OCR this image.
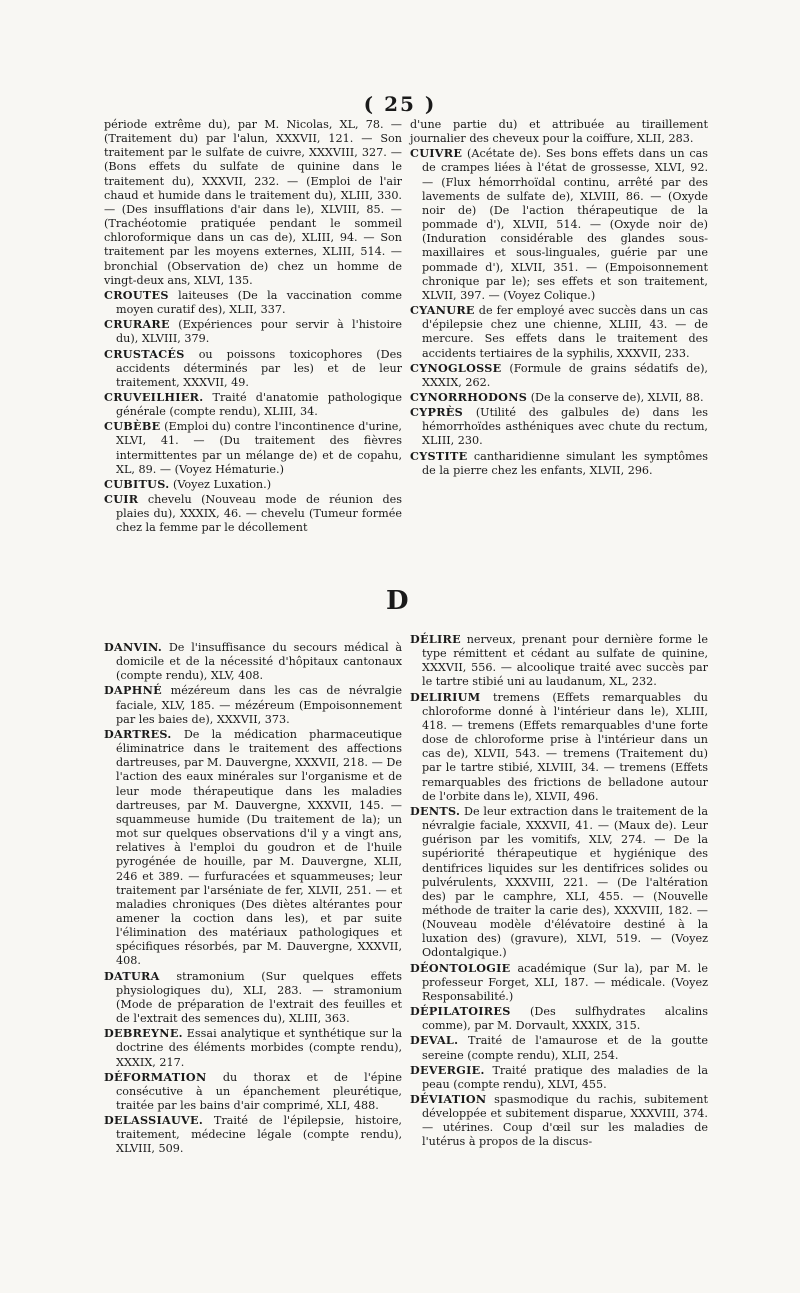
( 25 )
période extrême du), par M. Nicolas, XL, 78. — (Traitement du) par l'alun, XXXVII, 121. — Son traitement par le sulfate de cuivre, XXXVIII, 327. — (Bons effets du sulfate de quinine dans le traitement du), XXXVII, 232. — (Emploi de l'air chaud et humide dans le traitement du), XLIII, 330. — (Des insufflations d'air dans le), XLVIII, 85. — (Trachéotomie pratiquée pendant le sommeil chloroformique dans un cas de), XLIII, 94. — Son traitement par les moyens externes, XLIII, 514. — bronchial (Observation de) chez un homme de vingt-deux ans, XLVI, 135.
CROUTES laiteuses (De la vaccination comme moyen curatif des), XLII, 337.
CRURARE (Expériences pour servir à l'histoire du), XLVIII, 379.
CRUSTACÉS ou poissons toxicophores (Des accidents déterminés par les) et de leur traitement, XXXVII, 49.
CRUVEILHIER. Traité d'anatomie pathologique générale (compte rendu), XLIII, 34.
CUBÈBE (Emploi du) contre l'incontinence d'urine, XLVI, 41. — (Du traitement des fièvres intermittentes par un mélange de) et de copahu, XL, 89. — (Voyez Hématurie.)
CUBITUS. (Voyez Luxation.)
CUIR chevelu (Nouveau mode de réunion des plaies du), XXXIX, 46. — chevelu (Tumeur formée chez la femme par le décollement
d'une partie du) et attribuée au tiraillement journalier des cheveux pour la coiffure, XLII, 283.
CUIVRE (Acétate de). Ses bons effets dans un cas de crampes liées à l'état de grossesse, XLVI, 92. — (Flux hémorrhoïdal continu, arrêté par des lavements de sulfate de), XLVIII, 86. — (Oxyde noir de) (De l'action thérapeutique de la pommade d'), XLVII, 514. — (Oxyde noir de) (Induration considérable des glandes sous-maxillaires et sous-linguales, guérie par une pommade d'), XLVII, 351. — (Empoisonnement chronique par le); ses effets et son traitement, XLVII, 397. — (Voyez Colique.)
CYANURE de fer employé avec succès dans un cas d'épilepsie chez une chienne, XLIII, 43. — de mercure. Ses effets dans le traitement des accidents tertiaires de la syphilis, XXXVII, 233.
CYNOGLOSSE (Formule de grains sédatifs de), XXXIX, 262.
CYNORRHODONS (De la conserve de), XLVII, 88.
CYPRÈS (Utilité des galbules de) dans les hémorrhoïdes asthéniques avec chute du rectum, XLIII, 230.
CYSTITE cantharidienne simulant les symptômes de la pierre chez les enfants, XLVII, 296.
D
DANVIN. De l'insuffisance du secours médical à domicile et de la nécessité d'hôpitaux cantonaux (compte rendu), XLV, 408.
DAPHNÉ mézéreum dans les cas de névralgie faciale, XLV, 185. — mézéreum (Empoisonnement par les baies de), XXXVII, 373.
DARTRES. De la médication pharmaceutique éliminatrice dans le traitement des affections dartreuses, par M. Dauvergne, XXXVII, 218. — De l'action des eaux minérales sur l'organisme et de leur mode thérapeutique dans les maladies dartreuses, par M. Dauvergne, XXXVII, 145. — squammeuse humide (Du traitement de la); un mot sur quelques observations d'il y a vingt ans, relatives à l'emploi du goudron et de l'huile pyrogénée de houille, par M. Dauvergne, XLII, 246 et 389. — furfuracées et squammeuses; leur traitement par l'arséniate de fer, XLVII, 251. — et maladies chroniques (Des diètes altérantes pour amener la coction dans les), et par suite l'élimination des matériaux pathologiques et spécifiques résorbés, par M. Dauvergne, XXXVII, 408.
DATURA stramonium (Sur quelques effets physiologiques du), XLI, 283. — stramonium (Mode de préparation de l'extrait des feuilles et de l'extrait des semences du), XLIII, 363.
DEBREYNE. Essai analytique et synthétique sur la doctrine des éléments morbides (compte rendu), XXXIX, 217.
DÉFORMATION du thorax et de l'épine consécutive à un épanchement pleurétique, traitée par les bains d'air comprimé, XLI, 488.
DELASSIAUVE. Traité de l'épilepsie, histoire, traitement, médecine légale (compte rendu), XLVIII, 509.
DÉLIRE nerveux, prenant pour dernière forme le type rémittent et cédant au sulfate de quinine, XXXVII, 556. — alcoolique traité avec succès par le tartre stibié uni au laudanum, XL, 232.
DELIRIUM tremens (Effets remarquables du chloroforme donné à l'intérieur dans le), XLIII, 418. — tremens (Effets remarquables d'une forte dose de chloroforme prise à l'intérieur dans un cas de), XLVII, 543. — tremens (Traitement du) par le tartre stibié, XLVIII, 34. — tremens (Effets remarquables des frictions de belladone autour de l'orbite dans le), XLVII, 496.
DENTS. De leur extraction dans le traitement de la névralgie faciale, XXXVII, 41. — (Maux de). Leur guérison par les vomitifs, XLV, 274. — De la supériorité thérapeutique et hygiénique des dentifrices liquides sur les dentifrices solides ou pulvérulents, XXXVIII, 221. — (De l'altération des) par le camphre, XLI, 455. — (Nouvelle méthode de traiter la carie des), XXXVIII, 182. — (Nouveau modèle d'élévatoire destiné à la luxation des) (gravure), XLVI, 519. — (Voyez Odontalgique.)
DÉONTOLOGIE académique (Sur la), par M. le professeur Forget, XLI, 187. — médicale. (Voyez Responsabilité.)
DÉPILATOIRES (Des sulfhydrates alcalins comme), par M. Dorvault, XXXIX, 315.
DEVAL. Traité de l'amaurose et de la goutte sereine (compte rendu), XLII, 254.
DEVERGIE. Traité pratique des maladies de la peau (compte rendu), XLVI, 455.
DÉVIATION spasmodique du rachis, subitement développée et subitement disparue, XXXVIII, 374. — utérines. Coup d'œil sur les maladies de l'utérus à propos de la discus-
